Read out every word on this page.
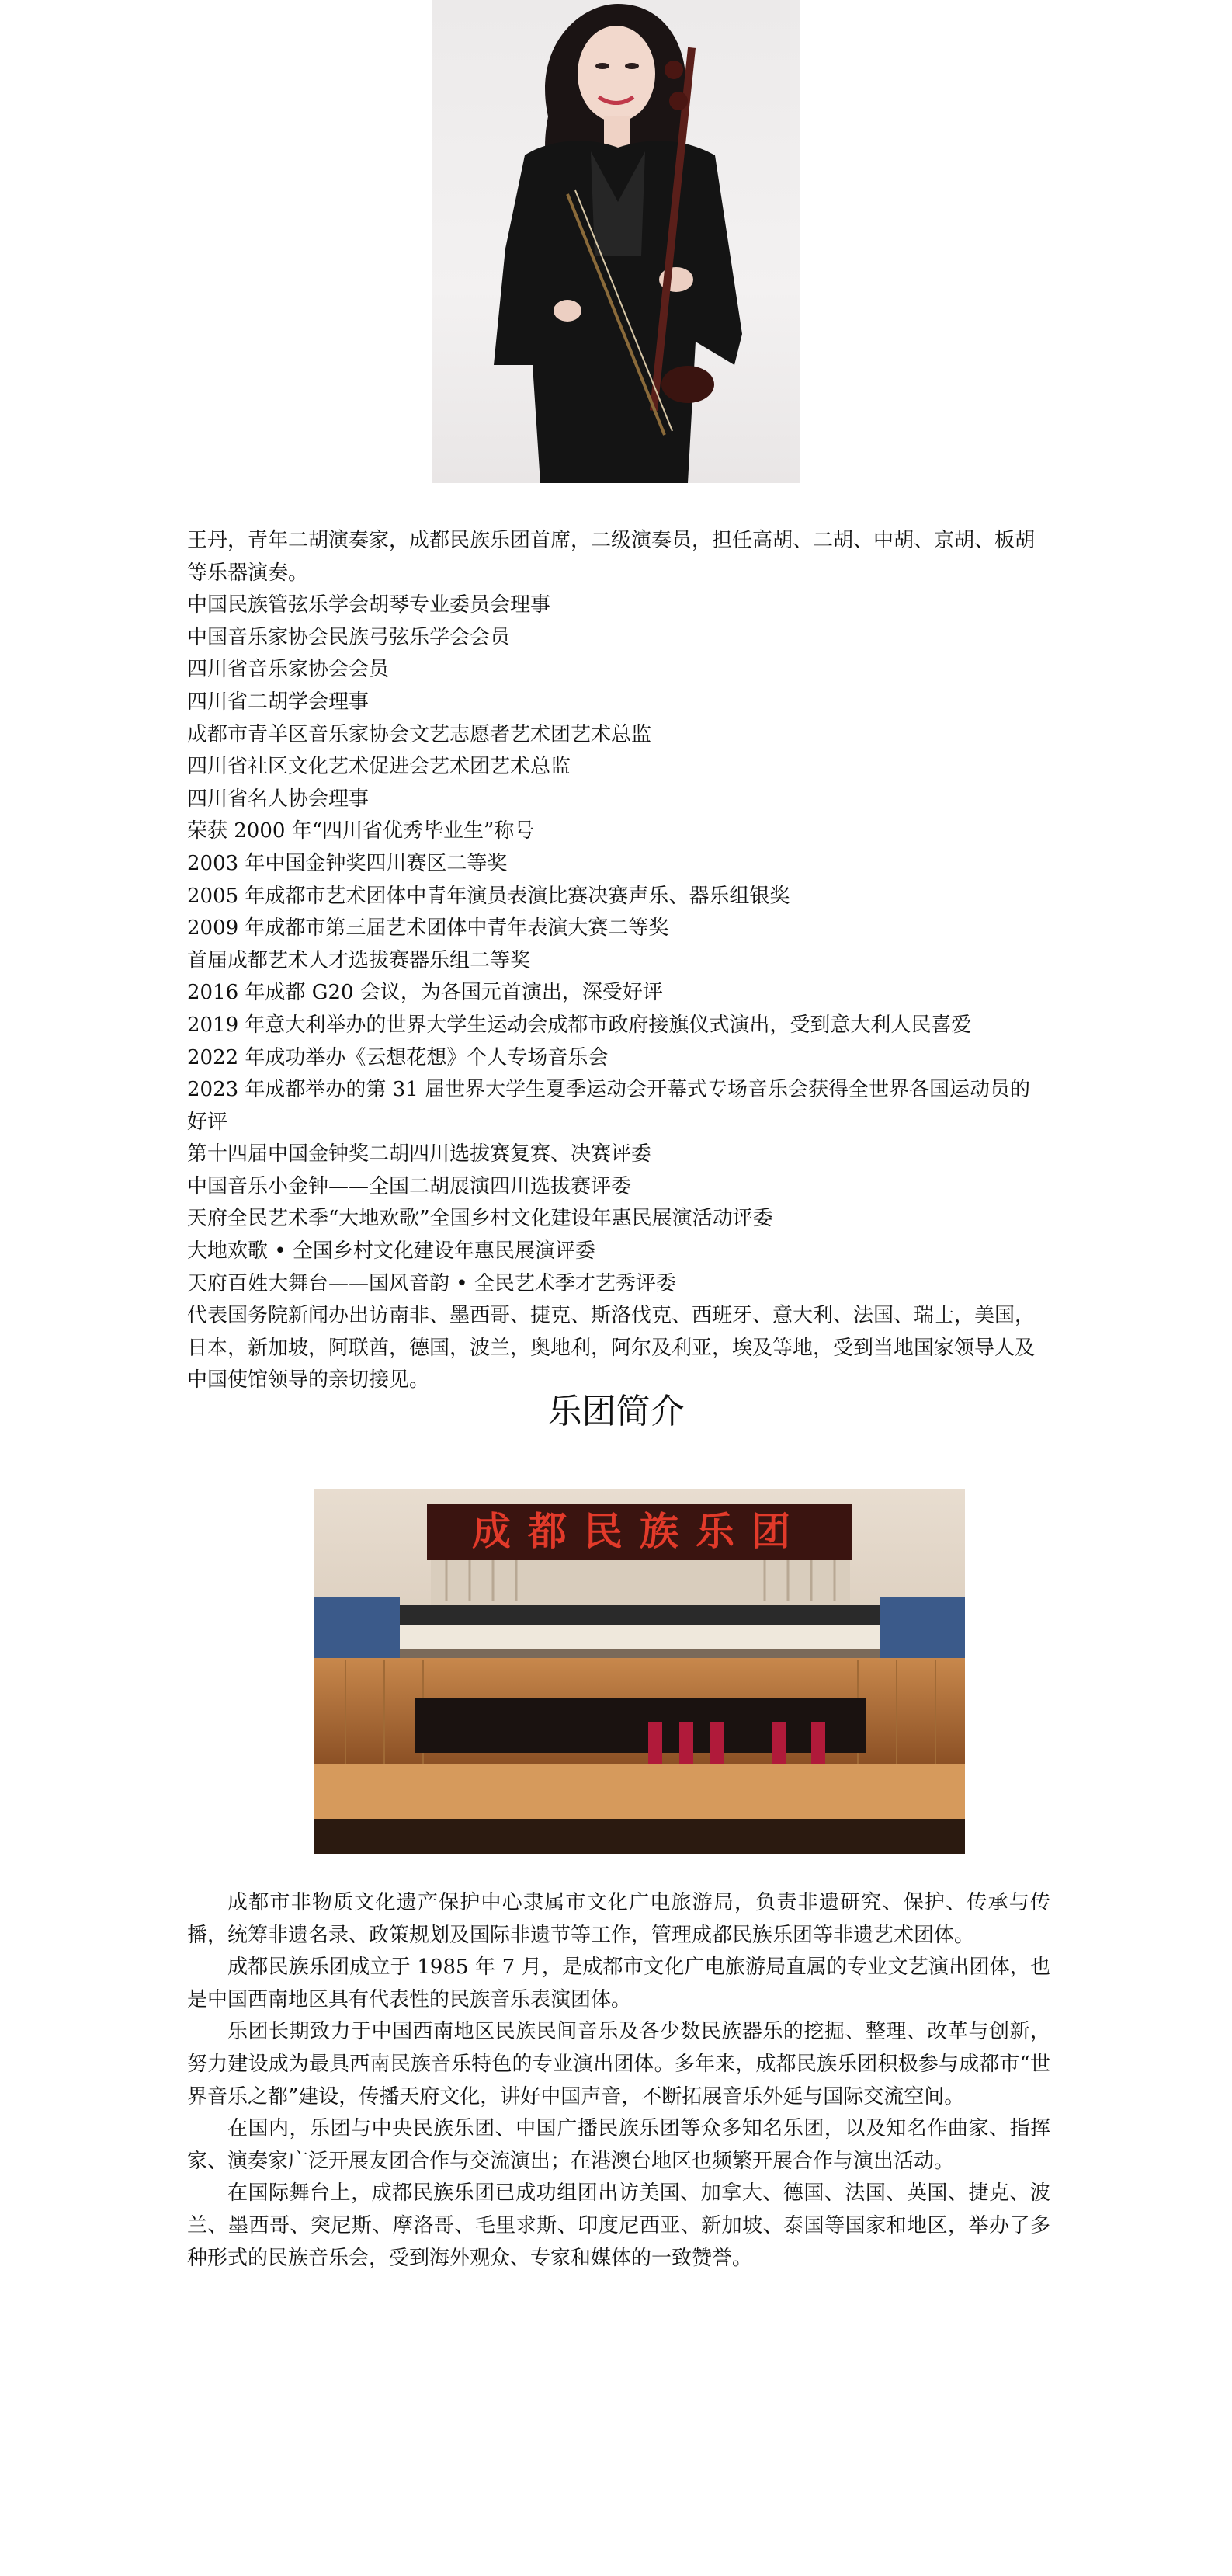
王丹，青年二胡演奏家，成都民族乐团首席，二级演奏员，担任高胡、二胡、中胡、京胡、板胡等乐器演奏。

中国民族管弦乐学会胡琴专业委员会理事

中国音乐家协会民族弓弦乐学会会员

四川省音乐家协会会员

四川省二胡学会理事

成都市青羊区音乐家协会文艺志愿者艺术团艺术总监

四川省社区文化艺术促进会艺术团艺术总监

四川省名人协会理事

荣获 2000 年“四川省优秀毕业生”称号

2003 年中国金钟奖四川赛区二等奖

2005 年成都市艺术团体中青年演员表演比赛决赛声乐、器乐组银奖

2009 年成都市第三届艺术团体中青年表演大赛二等奖

首届成都艺术人才选拔赛器乐组二等奖

2016 年成都 G20 会议，为各国元首演出，深受好评

2019 年意大利举办的世界大学生运动会成都市政府接旗仪式演出，受到意大利人民喜爱

2022 年成功举办《云想花想》个人专场音乐会

2023 年成都举办的第 31 届世界大学生夏季运动会开幕式专场音乐会获得全世界各国运动员的好评

第十四届中国金钟奖二胡四川选拔赛复赛、决赛评委

中国音乐小金钟——全国二胡展演四川选拔赛评委

天府全民艺术季“大地欢歌”全国乡村文化建设年惠民展演活动评委

大地欢歌 • 全国乡村文化建设年惠民展演评委

天府百姓大舞台——国风音韵 • 全民艺术季才艺秀评委

代表国务院新闻办出访南非、墨西哥、捷克、斯洛伐克、西班牙、意大利、法国、瑞士，美国，日本，新加坡，阿联酋，德国，波兰，奥地利，阿尔及利亚，埃及等地，受到当地国家领导人及中国使馆领导的亲切接见。

乐团简介
成都民族乐团

成都市非物质文化遗产保护中心隶属市文化广电旅游局，负责非遗研究、保护、传承与传播，统筹非遗名录、政策规划及国际非遗节等工作，管理成都民族乐团等非遗艺术团体。

成都民族乐团成立于 1985 年 7 月，是成都市文化广电旅游局直属的专业文艺演出团体，也是中国西南地区具有代表性的民族音乐表演团体。

乐团长期致力于中国西南地区民族民间音乐及各少数民族器乐的挖掘、整理、改革与创新，努力建设成为最具西南民族音乐特色的专业演出团体。多年来，成都民族乐团积极参与成都市“世界音乐之都”建设，传播天府文化，讲好中国声音，不断拓展音乐外延与国际交流空间。

在国内，乐团与中央民族乐团、中国广播民族乐团等众多知名乐团，以及知名作曲家、指挥家、演奏家广泛开展友团合作与交流演出；在港澳台地区也频繁开展合作与演出活动。

在国际舞台上，成都民族乐团已成功组团出访美国、加拿大、德国、法国、英国、捷克、波兰、墨西哥、突尼斯、摩洛哥、毛里求斯、印度尼西亚、新加坡、泰国等国家和地区，举办了多种形式的民族音乐会，受到海外观众、专家和媒体的一致赞誉。
